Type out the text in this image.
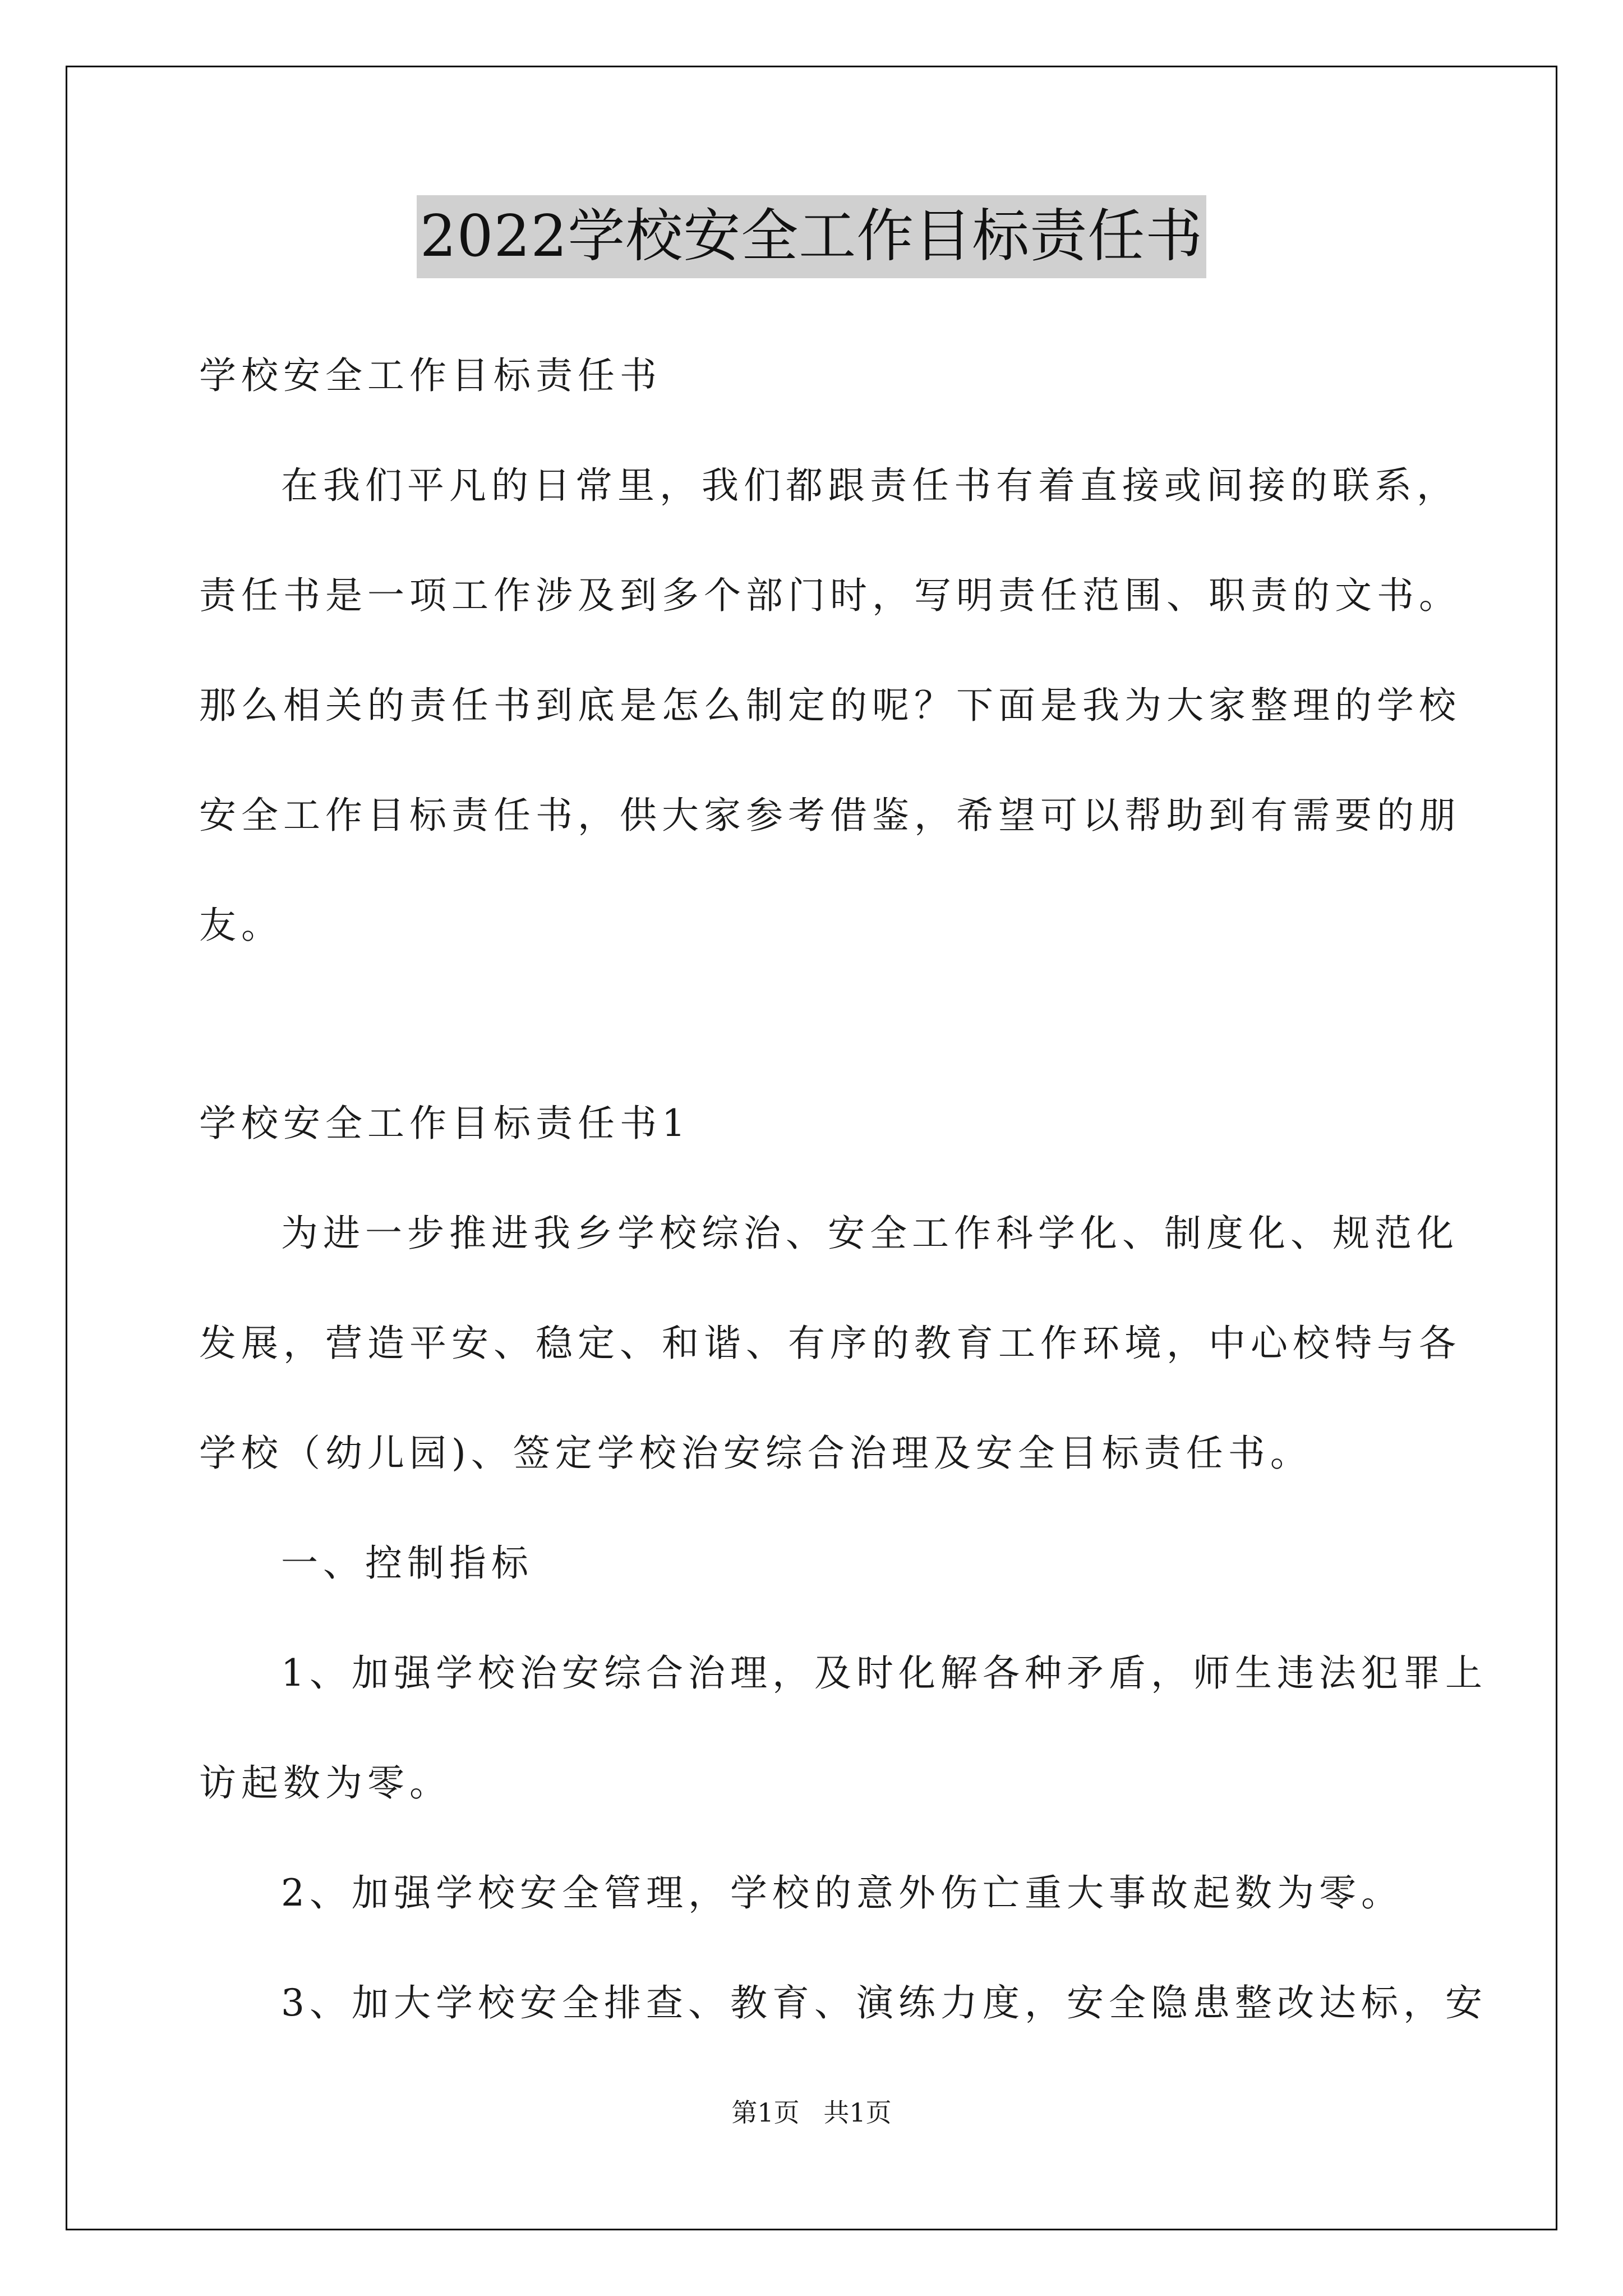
2022学校安全工作目标责任书
学校安全工作目标责任书
在我们平凡的日常里，我们都跟责任书有着直接或间接的联系，
责任书是一项工作涉及到多个部门时，写明责任范围、职责的文书。
那么相关的责任书到底是怎么制定的呢？下面是我为大家整理的学校
安全工作目标责任书，供大家参考借鉴，希望可以帮助到有需要的朋
友。
学校安全工作目标责任书1
为进一步推进我乡学校综治、安全工作科学化、制度化、规范化
发展，营造平安、稳定、和谐、有序的教育工作环境，中心校特与各
学校（幼儿园)、签定学校治安综合治理及安全目标责任书。
一、控制指标
1、加强学校治安综合治理，及时化解各种矛盾，师生违法犯罪上
访起数为零。
2、加强学校安全管理，学校的意外伤亡重大事故起数为零。
3、加大学校安全排查、教育、演练力度，安全隐患整改达标，安
第1页 共1页
